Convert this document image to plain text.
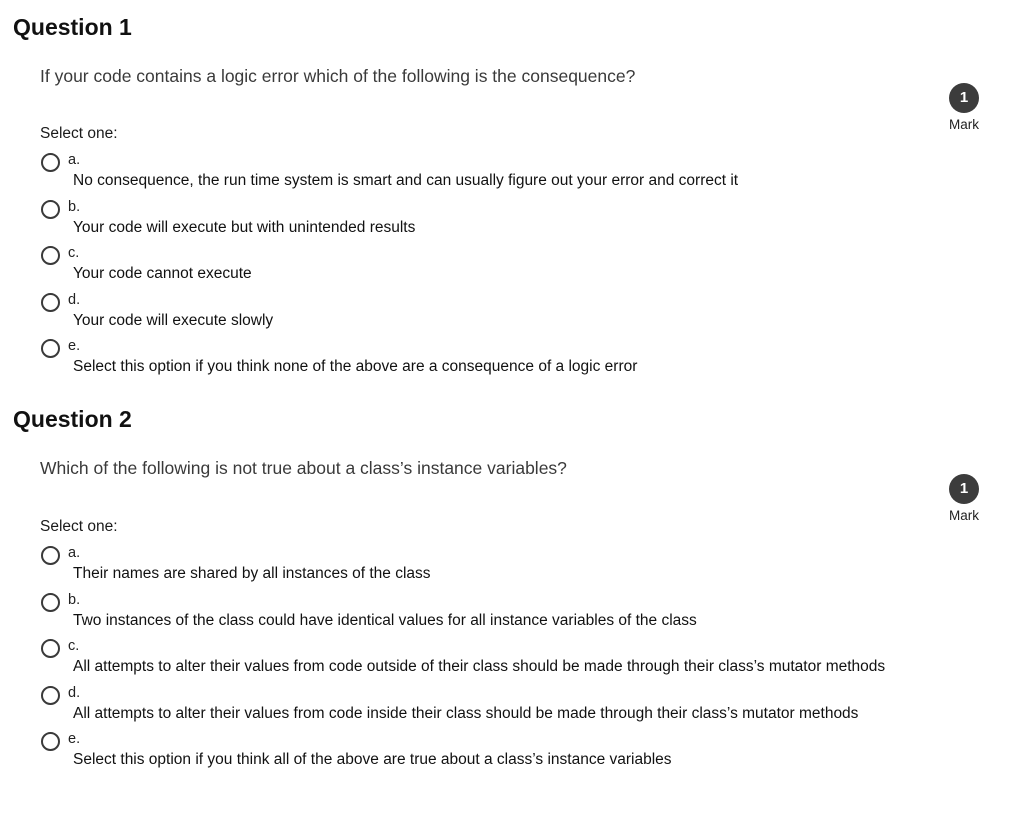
Question 1
If your code contains a logic error which of the following is the consequence?
1
Mark
Select one:
a.
No consequence, the run time system is smart and can usually figure out your error and correct it
b.
Your code will execute but with unintended results
c.
Your code cannot execute
d.
Your code will execute slowly
e.
Select this option if you think none of the above are a consequence of a logic error
Question 2
Which of the following is not true about a class’s instance variables?
1
Mark
Select one:
a.
Their names are shared by all instances of the class
b.
Two instances of the class could have identical values for all instance variables of the class
c.
All attempts to alter their values from code outside of their class should be made through their class’s mutator methods
d.
All attempts to alter their values from code inside their class should be made through their class’s mutator methods
e.
Select this option if you think all of the above are true about a class’s instance variables
